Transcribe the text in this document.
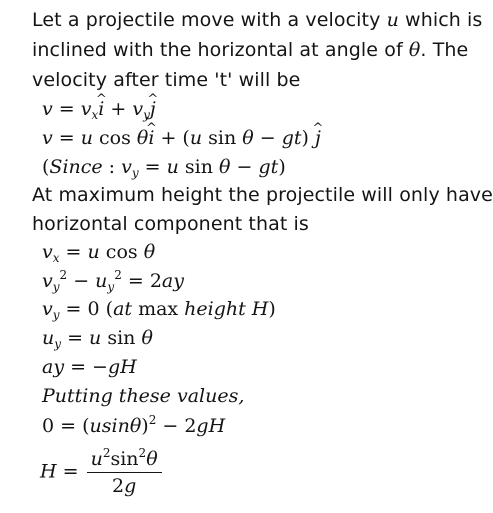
Let a projectile move with a velocity u which is
inclined with the horizontal at angle of θ. The
velocity after time 't' will be
$v = v_xi$ ^ + $v_yj$ ^
v = u cos θi ^ + (u sin θ − gt) j ^
(Since : $v_y = u$ sin θ − gt)
At maximum height the projectile will only have
horizontal component that is
$v_x = u$ cos θ
$v_y^2 - u_y^2 = 2ay$
$v_y = 0$ (at max height H)
$u_y = u$ sin θ
ay = −gH
Putting these values,
$0 = (usin\theta)^2 - 2gH$
$H = \frac{u^2\sin^2\theta}{2g}$
